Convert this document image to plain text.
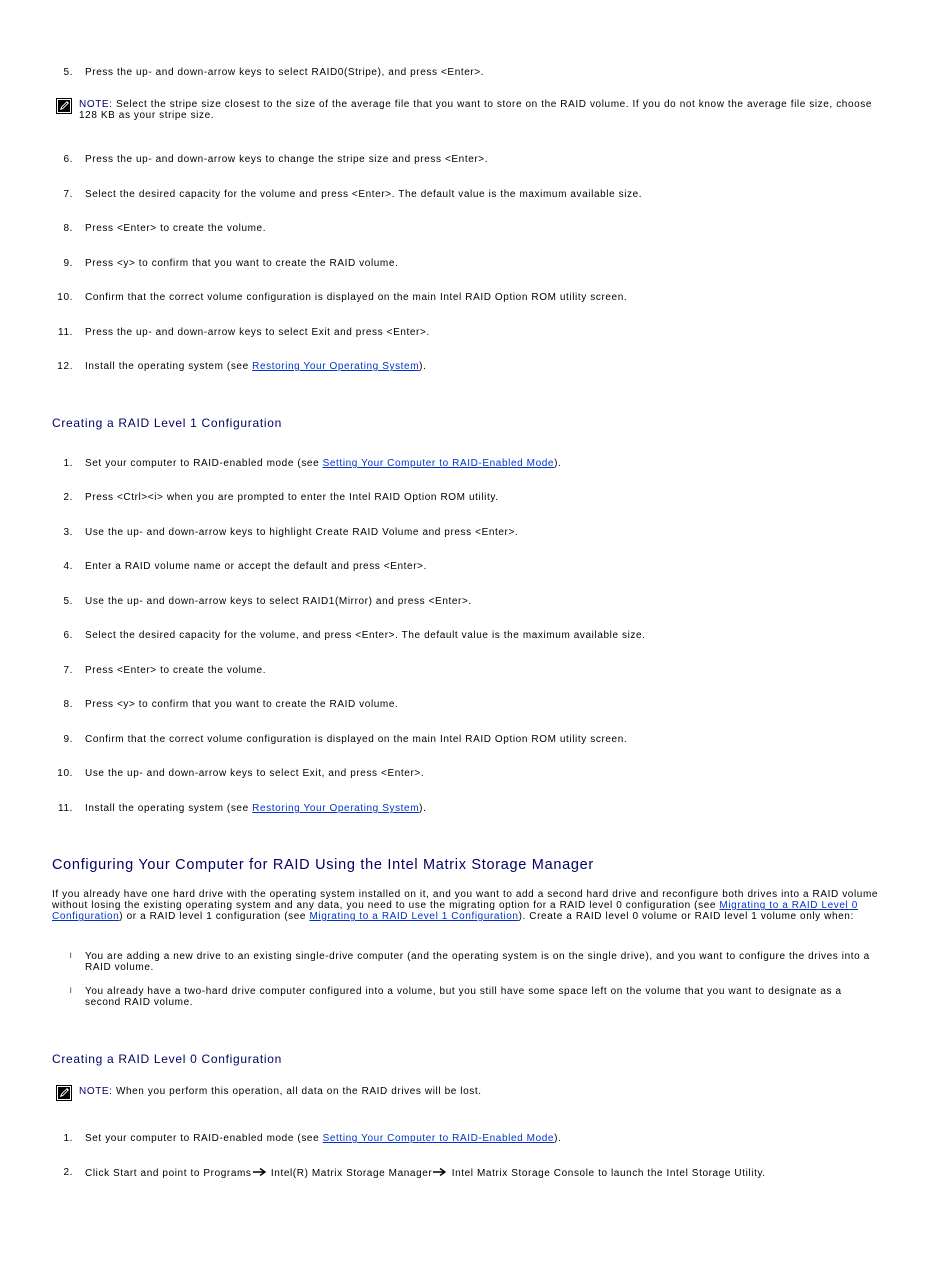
5. Press the up- and down-arrow keys to select RAID0(Stripe), and press <Enter>.
NOTE: Select the stripe size closest to the size of the average file that you want to store on the RAID volume. If you do not know the average file size, choose 128 KB as your stripe size.
6. Press the up- and down-arrow keys to change the stripe size and press <Enter>.
7. Select the desired capacity for the volume and press <Enter>. The default value is the maximum available size.
8. Press <Enter> to create the volume.
9. Press <y> to confirm that you want to create the RAID volume.
10. Confirm that the correct volume configuration is displayed on the main Intel RAID Option ROM utility screen.
11. Press the up- and down-arrow keys to select Exit and press <Enter>.
12. Install the operating system (see Restoring Your Operating System).
Creating a RAID Level 1 Configuration
1. Set your computer to RAID-enabled mode (see Setting Your Computer to RAID-Enabled Mode).
2. Press <Ctrl><i> when you are prompted to enter the Intel RAID Option ROM utility.
3. Use the up- and down-arrow keys to highlight Create RAID Volume and press <Enter>.
4. Enter a RAID volume name or accept the default and press <Enter>.
5. Use the up- and down-arrow keys to select RAID1(Mirror) and press <Enter>.
6. Select the desired capacity for the volume, and press <Enter>. The default value is the maximum available size.
7. Press <Enter> to create the volume.
8. Press <y> to confirm that you want to create the RAID volume.
9. Confirm that the correct volume configuration is displayed on the main Intel RAID Option ROM utility screen.
10. Use the up- and down-arrow keys to select Exit, and press <Enter>.
11. Install the operating system (see Restoring Your Operating System).
Configuring Your Computer for RAID Using the Intel Matrix Storage Manager
If you already have one hard drive with the operating system installed on it, and you want to add a second hard drive and reconfigure both drives into a RAID volume without losing the existing operating system and any data, you need to use the migrating option for a RAID level 0 configuration (see Migrating to a RAID Level 0 Configuration) or a RAID level 1 configuration (see Migrating to a RAID Level 1 Configuration). Create a RAID level 0 volume or RAID level 1 volume only when:
l You are adding a new drive to an existing single-drive computer (and the operating system is on the single drive), and you want to configure the drives into a RAID volume.
l You already have a two-hard drive computer configured into a volume, but you still have some space left on the volume that you want to designate as a second RAID volume.
Creating a RAID Level 0 Configuration
NOTE: When you perform this operation, all data on the RAID drives will be lost.
1. Set your computer to RAID-enabled mode (see Setting Your Computer to RAID-Enabled Mode).
2. Click Start and point to Programs Intel(R) Matrix Storage Manager Intel Matrix Storage Console to launch the Intel Storage Utility.
